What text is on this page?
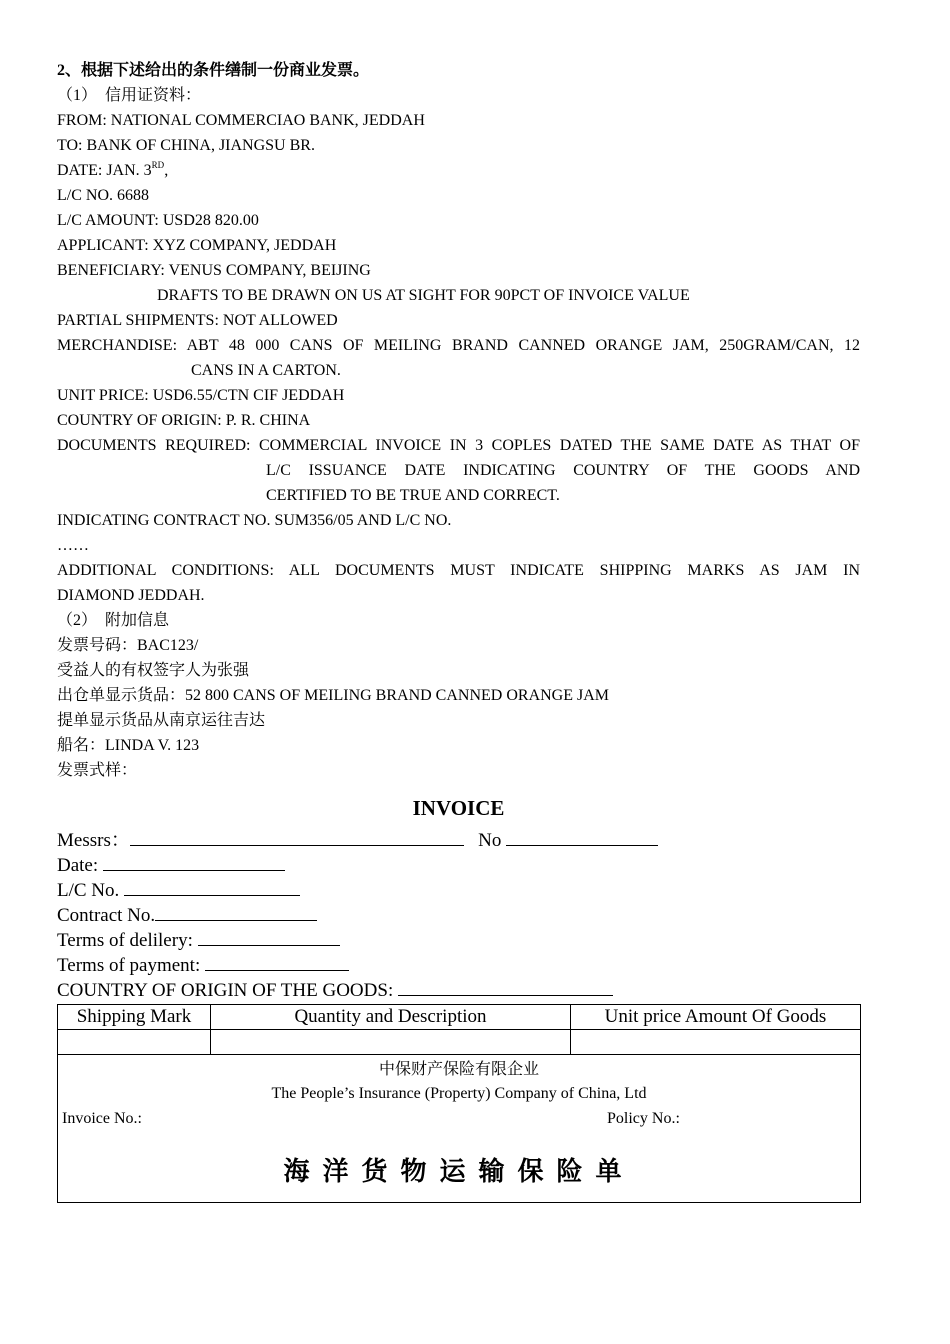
2、根据下述给出的条件缮制一份商业发票。
（1）　信用证资料：
FROM: NATIONAL COMMERCIAO BANK, JEDDAH
TO: BANK OF CHINA, JIANGSU BR.
DATE: JAN. 3RD,
L/C NO. 6688
L/C AMOUNT: USD28 820.00
APPLICANT: XYZ COMPANY, JEDDAH
BENEFICIARY: VENUS COMPANY, BEIJING
DRAFTS TO BE DRAWN ON US AT SIGHT FOR 90PCT OF INVOICE VALUE
PARTIAL SHIPMENTS: NOT ALLOWED
MERCHANDISE: ABT 48 000 CANS OF MEILING BRAND CANNED ORANGE JAM, 250GRAM/CAN, 12
CANS IN A CARTON.
UNIT PRICE: USD6.55/CTN CIF JEDDAH
COUNTRY OF ORIGIN: P. R. CHINA
DOCUMENTS REQUIRED: COMMERCIAL INVOICE IN 3 COPLES DATED THE SAME DATE AS THAT OF
L/C ISSUANCE DATE INDICATING COUNTRY OF THE GOODS AND
CERTIFIED TO BE TRUE AND CORRECT.
INDICATING CONTRACT NO. SUM356/05 AND L/C NO.
……
ADDITIONAL CONDITIONS: ALL DOCUMENTS MUST INDICATE SHIPPING MARKS AS JAM IN
DIAMOND JEDDAH.
（2）　附加信息
发票号码：BAC123/
受益人的有权签字人为张强
出仓单显示货品：52 800 CANS OF MEILING BRAND CANNED ORANGE JAM
提单显示货品从南京运往吉达
船名：LINDA V. 123
发票式样：
INVOICE
Messrs：	No
Date:
L/C No.
Contract No.
Terms of delilery:
Terms of payment:
COUNTRY OF ORIGIN OF THE GOODS:
Shipping Mark	Quantity and Description	Unit price Amount Of Goods

中保财产保险有限企业
The People’s Insurance (Property) Company of China, Ltd
Invoice No.:	Policy No.:
海洋货物运输保险单
